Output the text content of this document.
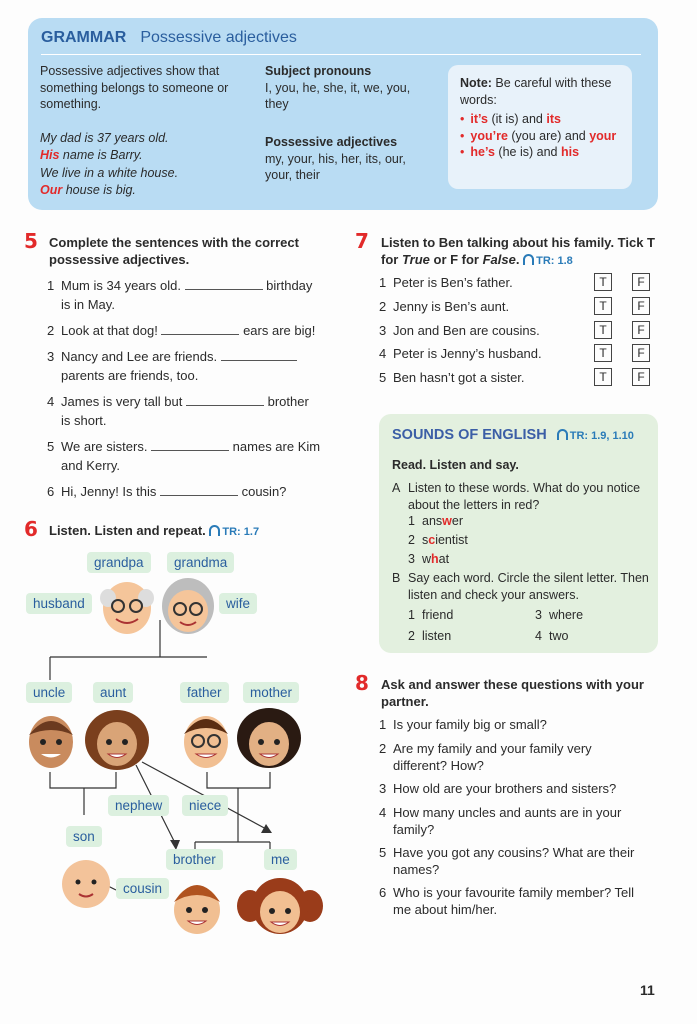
GRAMMAR Possessive adjectives
Possessive adjectives show that something belongs to someone or something.
My dad is 37 years old.
His name is Barry.
We live in a white house.
Our house is big.
Subject pronouns
I, you, he, she, it, we, you, they
Possessive adjectives
my, your, his, her, its, our, your, their
Note: Be careful with these words:
• it’s (it is) and its
• you’re (you are) and your
• he’s (he is) and his
5 Complete the sentences with the correct possessive adjectives.
6 Listen. Listen and repeat. TR: 1.7
grandpa	grandma
husband	wife
uncle	aunt	father	mother
nephew	niece
son
brother	me
cousin
7 Listen to Ben talking about his family. Tick T for True or F for False. TR: 1.8
SOUNDS OF ENGLISH TR: 1.9, 1.10
Read. Listen and say.
A Listen to these words. What do you notice about the letters in red?
1 answer
2 scientist
3 what
B Say each word. Circle the silent letter. Then listen and check your answers.
1 friend	3 where
2 listen	4 two
8 Ask and answer these questions with your partner.
11
1 Mum is 34 years old.	birthday
is in May.
2 Look at that dog!	ears are big!
3 Nancy and Lee are friends.
parents are friends, too.
4 James is very tall but	brother
is short.
5 We are sisters.	names are Kim
and Kerry.
6 Hi, Jenny! Is this	cousin?
1 Peter is Ben’s father.	T	F
2 Jenny is Ben’s aunt.	T	F
3 Jon and Ben are cousins.	T	F
4 Peter is Jenny’s husband.	T	F
5 Ben hasn’t got a sister.	T	F
1 Is your family big or small?
2 Are my family and your family very
different? How?
3 How old are your brothers and sisters?
4 How many uncles and aunts are in your
family?
5 Have you got any cousins? What are their
names?
6 Who is your favourite family member? Tell
me about him/her.
